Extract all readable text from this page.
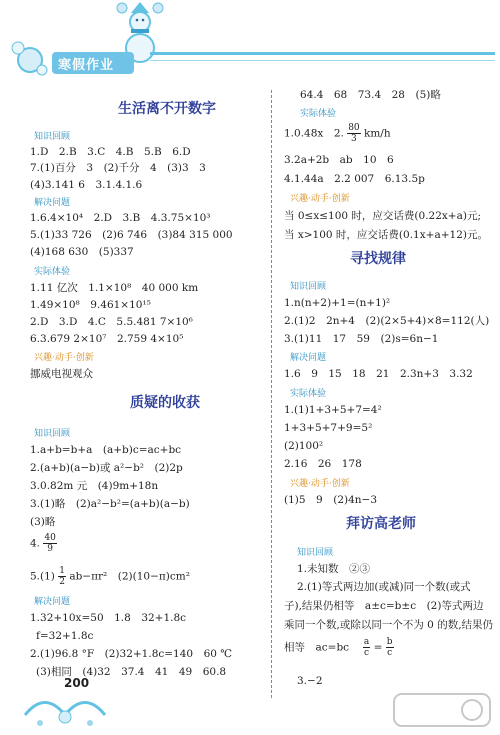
寒假作业
生活离不开数字
知识回顾
1.D　2.B　3.C　4.B　5.B　6.D
7.(1)百分　3　(2)千分　4　(3)3　3
(4)3.141 6　3.1.4.1.6
解决问题
1.6.4×10⁴　2.D　3.B　4.3.75×10³
5.(1)33 726　(2)6 746　(3)84 315 000
(4)168 630　(5)337
实际体验
1.11 亿次　1.1×10⁸　40 000 km
1.49×10⁸　9.461×10¹⁵
2.D　3.D　4.C　5.5.481 7×10⁶
6.3.679 2×10⁷　2.759 4×10⁵
兴趣·动手·创新
挪威电视观众
质疑的收获
知识回顾
1.a+b=b+a　(a+b)c=ac+bc
2.(a+b)(a−b)或 a²−b²　(2)2p
3.0.82m 元　(4)9m+18n
3.(1)略　(2)a²−b²=(a+b)(a−b)
(3)略
4. $\frac{40}{9}$
$5.(1) \frac{1}{2} ab-\pi r^2$　(2)(10−π)cm²
解决问题
1.32+10x=50　1.8　32+1.8c
f=32+1.8c
2.(1)96.8 °F　(2)32+1.8c=140　60 ℃
(3)相同　(4)32　37.4　41　49　60.8
64.4　68　73.4　28　(5)略
实际体验
1.0.48x　2. $\frac{80}{3} km/h$
3.2a+2b　ab　10　6
4.1.44a　2.2 007　6.13.5p
兴趣·动手·创新
当 0≤x≤100 时，应交话费(0.22x+a)元;
当 x>100 时，应交话费(0.1x+a+12)元。
寻找规律
知识回顾
1.n(n+2)+1=(n+1)²
2.(1)2　2n+4　(2)(2×5+4)×8=112(人)
3.(1)11　17　59　(2)s=6n−1
解决问题
1.6　9　15　18　21　2.3n+3　3.32
实际体验
1.(1)1+3+5+7=4²
1+3+5+7+9=5²
(2)100²
2.16　26　178
兴趣·动手·创新
(1)5　9　(2)4n−3
拜访高老师
知识回顾
1.未知数　②③
2.(1)等式两边加(或减)同一个数(或式
子),结果仍相等　a±c=b±c　(2)等式两边
乘同一个数,或除以同一个不为 0 的数,结果仍
相等　ac=bc　 $\frac{a}{c} = \frac{b}{c}$
3.−2
200
